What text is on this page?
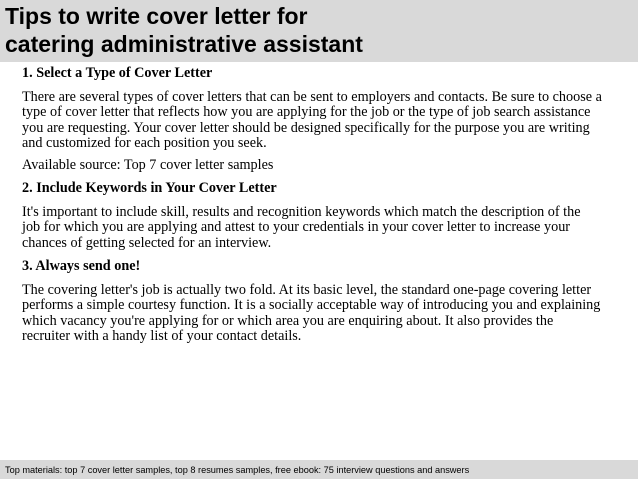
Tips to write cover letter for
catering administrative assistant

1. Select a Type of Cover Letter

There are several types of cover letters that can be sent to employers and contacts. Be sure to choose a type of cover letter that reflects how you are applying for the job or the type of job search assistance you are requesting. Your cover letter should be designed specifically for the purpose you are writing and customized for each position you seek.

Available source: Top 7 cover letter samples

2. Include Keywords in Your Cover Letter

It's important to include skill, results and recognition keywords which match the description of the job for which you are applying and attest to your credentials in your cover letter to increase your chances of getting selected for an interview.

3. Always send one!

The covering letter's job is actually two fold. At its basic level, the standard one-page covering letter performs a simple courtesy function. It is a socially acceptable way of introducing you and explaining which vacancy you're applying for or which area you are enquiring about. It also provides the recruiter with a handy list of your contact details.

Top materials: top 7 cover letter samples, top 8 resumes samples, free ebook: 75 interview questions and answers
